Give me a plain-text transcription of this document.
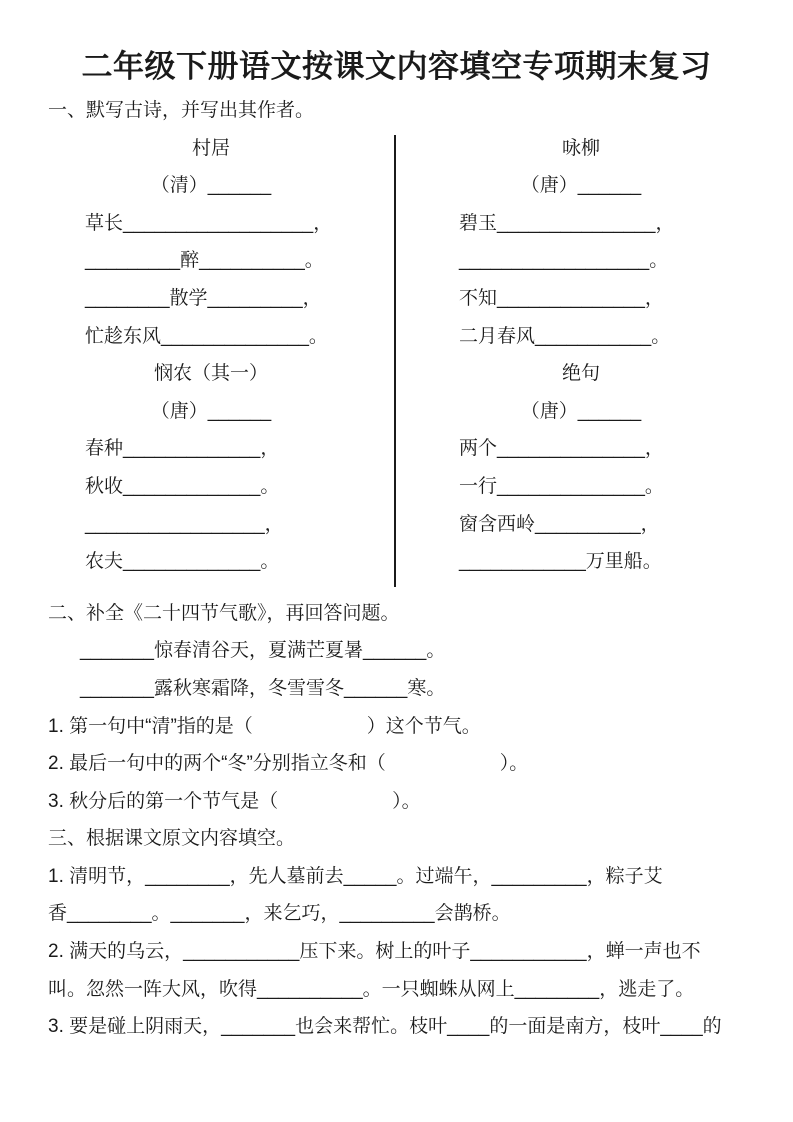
二年级下册语文按课文内容填空专项期末复习
一、默写古诗，并写出其作者。
村居
（清）______
草长__________________，
_________醉__________。
________散学_________，
忙趁东风______________。
悯农（其一）
（唐）______
春种_____________，
秋收_____________。
_________________，
农夫_____________。
咏柳
（唐）______
碧玉_______________，
__________________。
不知______________，
二月春风___________。
绝句
（唐）______
两个______________，
一行______________。
窗含西岭__________，
____________万里船。
二、补全《二十四节气歌》，再回答问题。
_______惊春清谷天，夏满芒夏暑______。
_______露秋寒霜降，冬雪雪冬______寒。
1. 第一句中“清”指的是（　　　　　　）这个节气。
2. 最后一句中的两个“冬”分别指立冬和（　　　　　　）。
3. 秋分后的第一个节气是（　　　　　　）。
三、根据课文原文内容填空。
1. 清明节，________，先人墓前去_____。过端午，_________，粽子艾
香________。_______，来乞巧，_________会鹊桥。
2. 满天的乌云，___________压下来。树上的叶子___________，蝉一声也不
叫。忽然一阵大风，吹得__________。一只蜘蛛从网上________，逃走了。
3. 要是碰上阴雨天，_______也会来帮忙。枝叶____的一面是南方，枝叶____的
